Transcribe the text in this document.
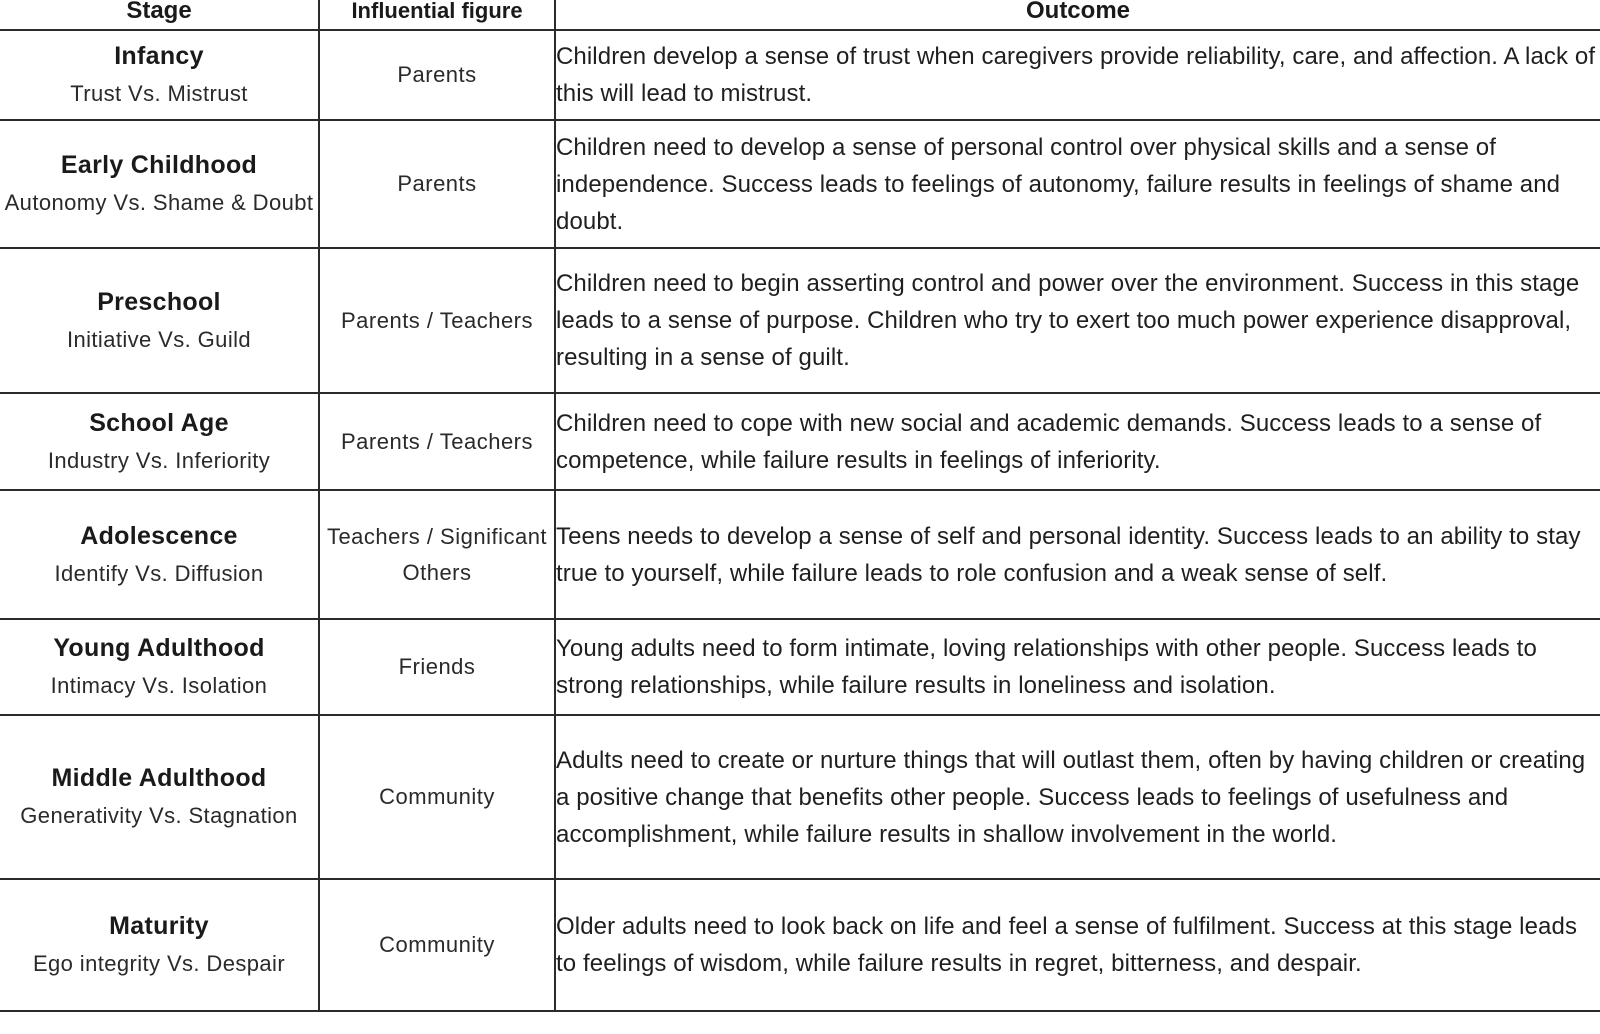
Stage	Influential figure	Outcome

Infancy
Trust Vs. Mistrust	Parents	Children develop a sense of trust when caregivers provide reliability, care, and affection. A lack of this will lead to mistrust.

Early Childhood
Autonomy Vs. Shame & Doubt	Parents	Children need to develop a sense of personal control over physical skills and a sense of independence. Success leads to feelings of autonomy, failure results in feelings of shame and doubt.

Preschool
Initiative Vs. Guild	Parents / Teachers	Children need to begin asserting control and power over the environment. Success in this stage leads to a sense of purpose. Children who try to exert too much power experience disapproval, resulting in a sense of guilt.

School Age
Industry Vs. Inferiority	Parents / Teachers	Children need to cope with new social and academic demands. Success leads to a sense of competence, while failure results in feelings of inferiority.

Adolescence
Identify Vs. Diffusion	Teachers / Significant Others	Teens needs to develop a sense of self and personal identity. Success leads to an ability to stay true to yourself, while failure leads to role confusion and a weak sense of self.

Young Adulthood
Intimacy Vs. Isolation	Friends	Young adults need to form intimate, loving relationships with other people. Success leads to strong relationships, while failure results in loneliness and isolation.

Middle Adulthood
Generativity Vs. Stagnation	Community	Adults need to create or nurture things that will outlast them, often by having children or creating a positive change that benefits other people. Success leads to feelings of usefulness and accomplishment, while failure results in shallow involvement in the world.

Maturity
Ego integrity Vs. Despair	Community	Older adults need to look back on life and feel a sense of fulfilment. Success at this stage leads to feelings of wisdom, while failure results in regret, bitterness, and despair.
